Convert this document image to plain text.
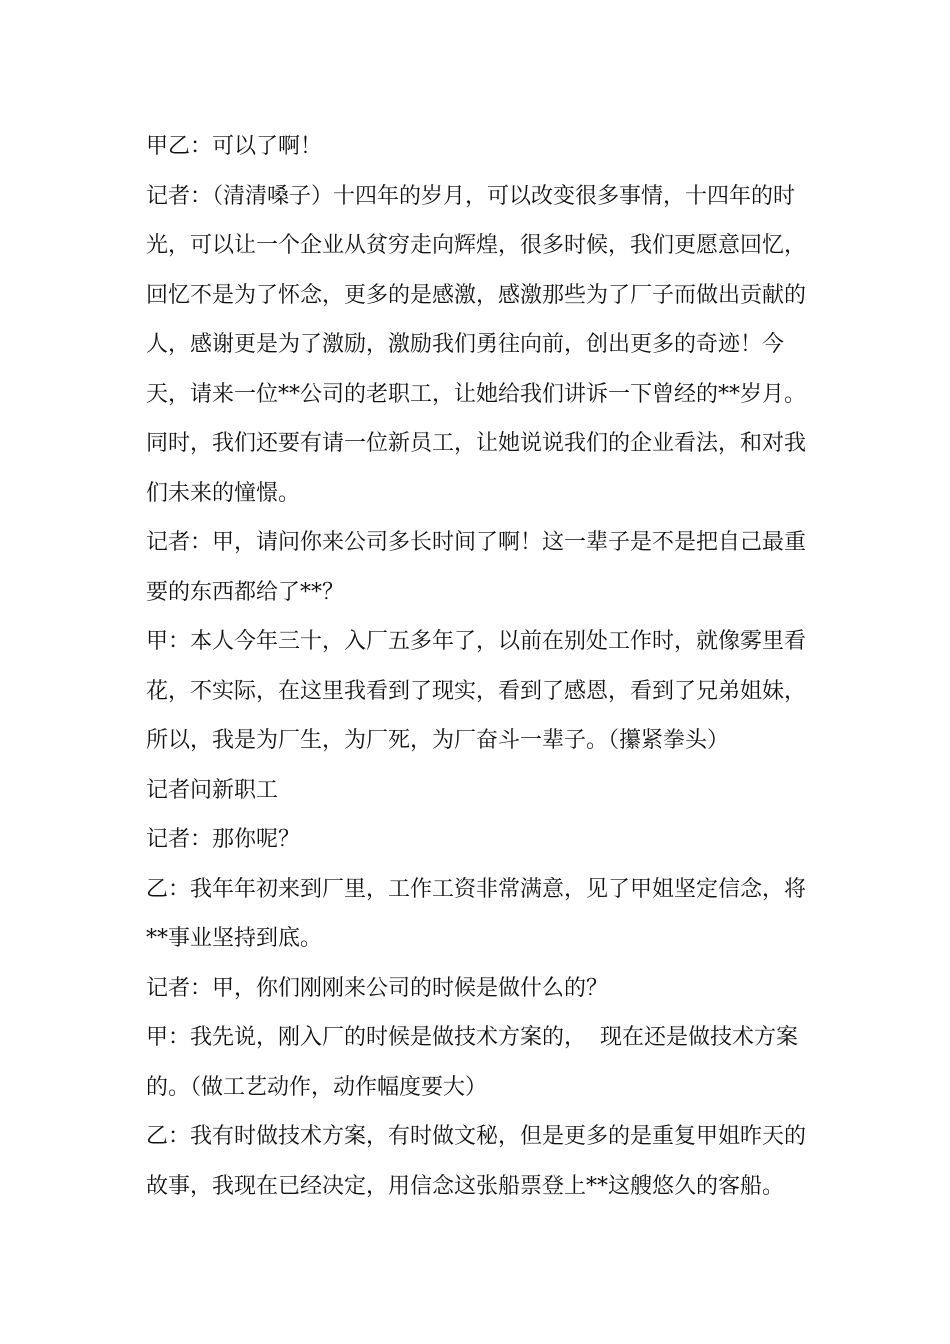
甲乙：可以了啊！

记者：（清清嗓子）十四年的岁月，可以改变很多事情，十四年的时光，可以让一个企业从贫穷走向辉煌，很多时候，我们更愿意回忆，回忆不是为了怀念，更多的是感激，感激那些为了厂子而做出贡献的人，感谢更是为了激励，激励我们勇往向前，创出更多的奇迹！今天，请来一位**公司的老职工，让她给我们讲诉一下曾经的**岁月。同时，我们还要有请一位新员工，让她说说我们的企业看法，和对我们未来的憧憬。

记者：甲，请问你来公司多长时间了啊！这一辈子是不是把自己最重要的东西都给了**？

甲：本人今年三十，入厂五多年了，以前在别处工作时，就像雾里看花，不实际，在这里我看到了现实，看到了感恩，看到了兄弟姐妹，所以，我是为厂生，为厂死，为厂奋斗一辈子。（攥紧拳头）

记者问新职工

记者：那你呢？

乙：我年年初来到厂里，工作工资非常满意，见了甲姐坚定信念，将**事业坚持到底。

记者：甲，你们刚刚来公司的时候是做什么的？

甲：我先说，刚入厂的时候是做技术方案的，  现在还是做技术方案的。（做工艺动作，动作幅度要大）

乙：我有时做技术方案，有时做文秘，但是更多的是重复甲姐昨天的故事，我现在已经决定，用信念这张船票登上**这艘悠久的客船。
